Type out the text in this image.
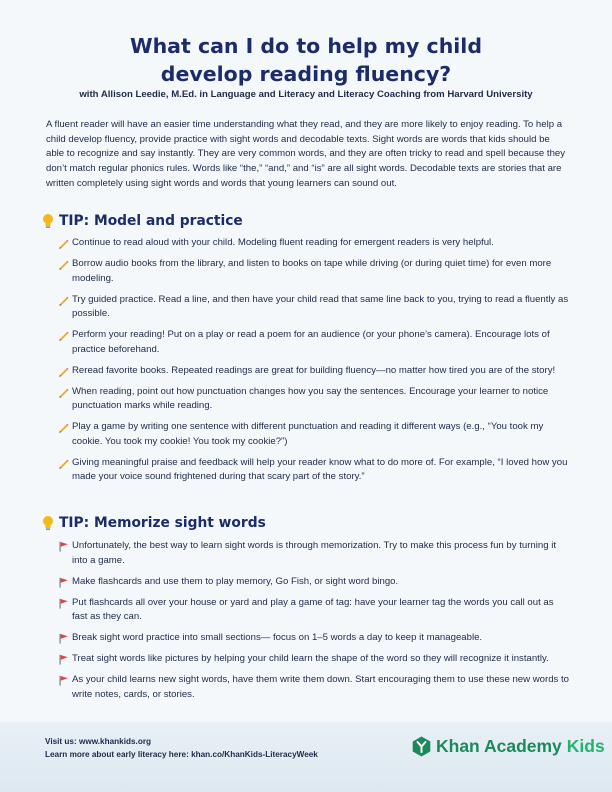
What can I do to help my child
develop reading fluency?

with Allison Leedie, M.Ed. in Language and Literacy and Literacy Coaching from Harvard University

A fluent reader will have an easier time understanding what they read, and they are more likely to enjoy reading. To help a child develop fluency, provide practice with sight words and decodable texts. Sight words are words that kids should be able to recognize and say instantly. They are very common words, and they are often tricky to read and spell because they don’t match regular phonics rules. Words like “the,” “and,” and “is” are all sight words. Decodable texts are stories that are written completely using sight words and words that young learners can sound out.

TIP: Model and practice
Continue to read aloud with your child. Modeling fluent reading for emergent readers is very helpful.
Borrow audio books from the library, and listen to books on tape while driving (or during quiet time) for even more modeling.
Try guided practice. Read a line, and then have your child read that same line back to you, trying to read a fluently as possible.
Perform your reading! Put on a play or read a poem for an audience (or your phone’s camera). Encourage lots of practice beforehand.
Reread favorite books. Repeated readings are great for building fluency—no matter how tired you are of the story!
When reading, point out how punctuation changes how you say the sentences. Encourage your learner to notice punctuation marks while reading.
Play a game by writing one sentence with different punctuation and reading it different ways (e.g., “You took my cookie. You took my cookie! You took my cookie?”)
Giving meaningful praise and feedback will help your reader know what to do more of. For example, “I loved how you made your voice sound frightened during that scary part of the story.”
TIP: Memorize sight words
Unfortunately, the best way to learn sight words is through memorization. Try to make this process fun by turning it into a game.
Make flashcards and use them to play memory, Go Fish, or sight word bingo.
Put flashcards all over your house or yard and play a game of tag: have your learner tag the words you call out as fast as they can.
Break sight word practice into small sections— focus on 1–5 words a day to keep it manageable.
Treat sight words like pictures by helping your child learn the shape of the word so they will recognize it instantly.
As your child learns new sight words, have them write them down. Start encouraging them to use these new words to write notes, cards, or stories.

Visit us: www.khankids.org
Learn more about early literacy here: khan.co/KhanKids-LiteracyWeek	Khan Academy Kids
